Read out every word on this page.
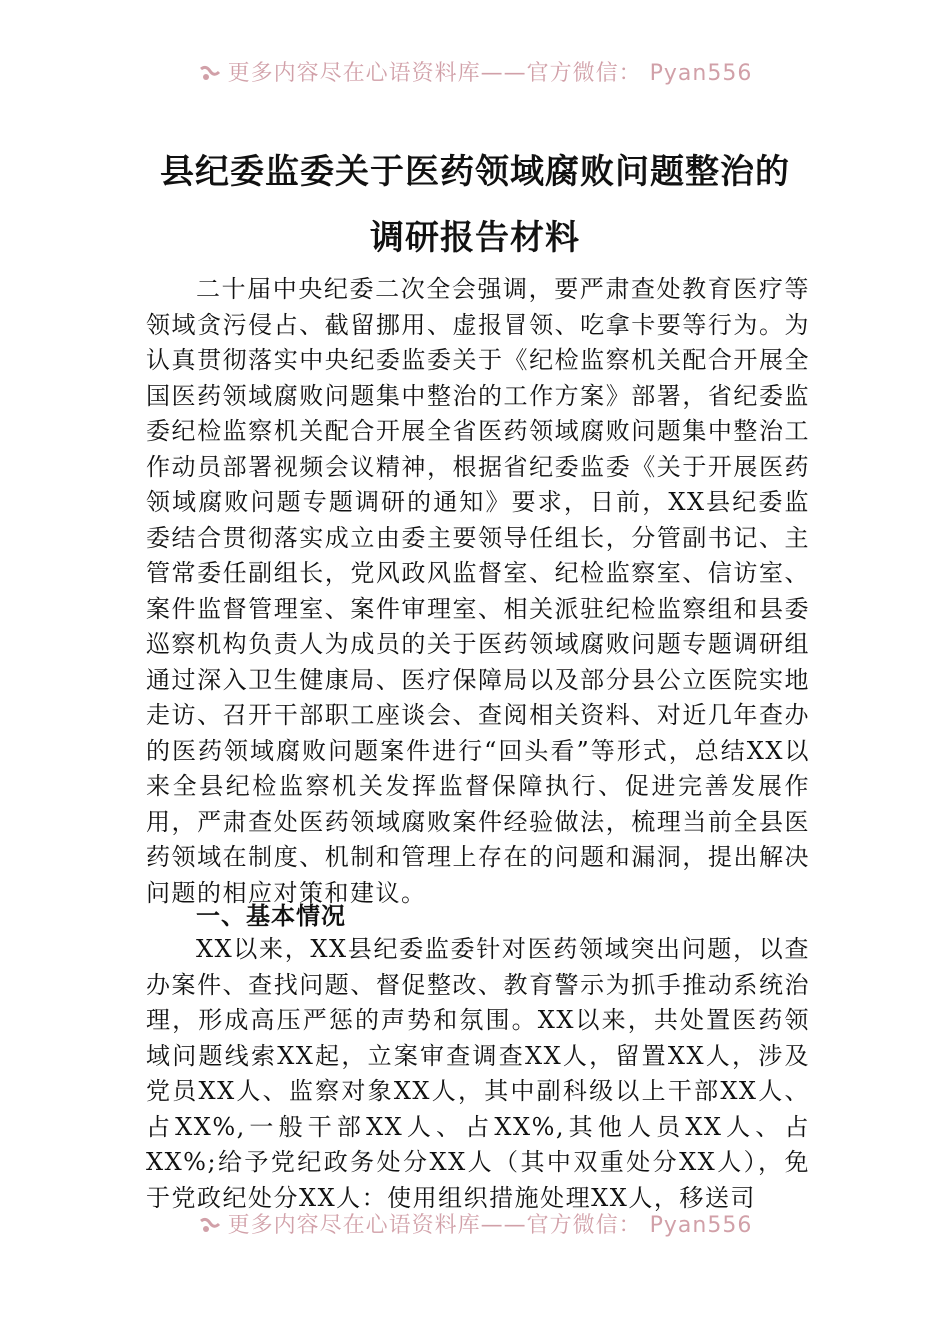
更多内容尽在心语资料库——官方微信： Pyan556
县纪委监委关于医药领域腐败问题整治的
调研报告材料
二十届中央纪委二次全会强调，要严肃查处教育医疗等领域贪污侵占、截留挪用、虚报冒领、吃拿卡要等行为。为认真贯彻落实中央纪委监委关于《纪检监察机关配合开展全国医药领域腐败问题集中整治的工作方案》部署，省纪委监委纪检监察机关配合开展全省医药领域腐败问题集中整治工作动员部署视频会议精神，根据省纪委监委《关于开展医药领域腐败问题专题调研的通知》要求，日前，XX县纪委监委结合贯彻落实成立由委主要领导任组长，分管副书记、主管常委任副组长，党风政风监督室、纪检监察室、信访室、案件监督管理室、案件审理室、相关派驻纪检监察组和县委巡察机构负责人为成员的关于医药领域腐败问题专题调研组通过深入卫生健康局、医疗保障局以及部分县公立医院实地走访、召开干部职工座谈会、查阅相关资料、对近几年查办的医药领域腐败问题案件进行“回头看”等形式，总结XX以来全县纪检监察机关发挥监督保障执行、促进完善发展作用，严肃查处医药领域腐败案件经验做法，梳理当前全县医药领域在制度、机制和管理上存在的问题和漏洞，提出解决问题的相应对策和建议。
一、基本情况
XX以来，XX县纪委监委针对医药领域突出问题，以查办案件、查找问题、督促整改、教育警示为抓手推动系统治理，形成高压严惩的声势和氛围。XX以来，共处置医药领域问题线索XX起，立案审查调查XX人，留置XX人，涉及党员XX人、监察对象XX人，其中副科级以上干部XX人、占XX%,一般干部XX人、占XX%,其他人员XX人、占XX%;给予党纪政务处分XX人（其中双重处分XX人），免于党政纪处分XX人：使用组织措施处理XX人，移送司
更多内容尽在心语资料库——官方微信： Pyan556
